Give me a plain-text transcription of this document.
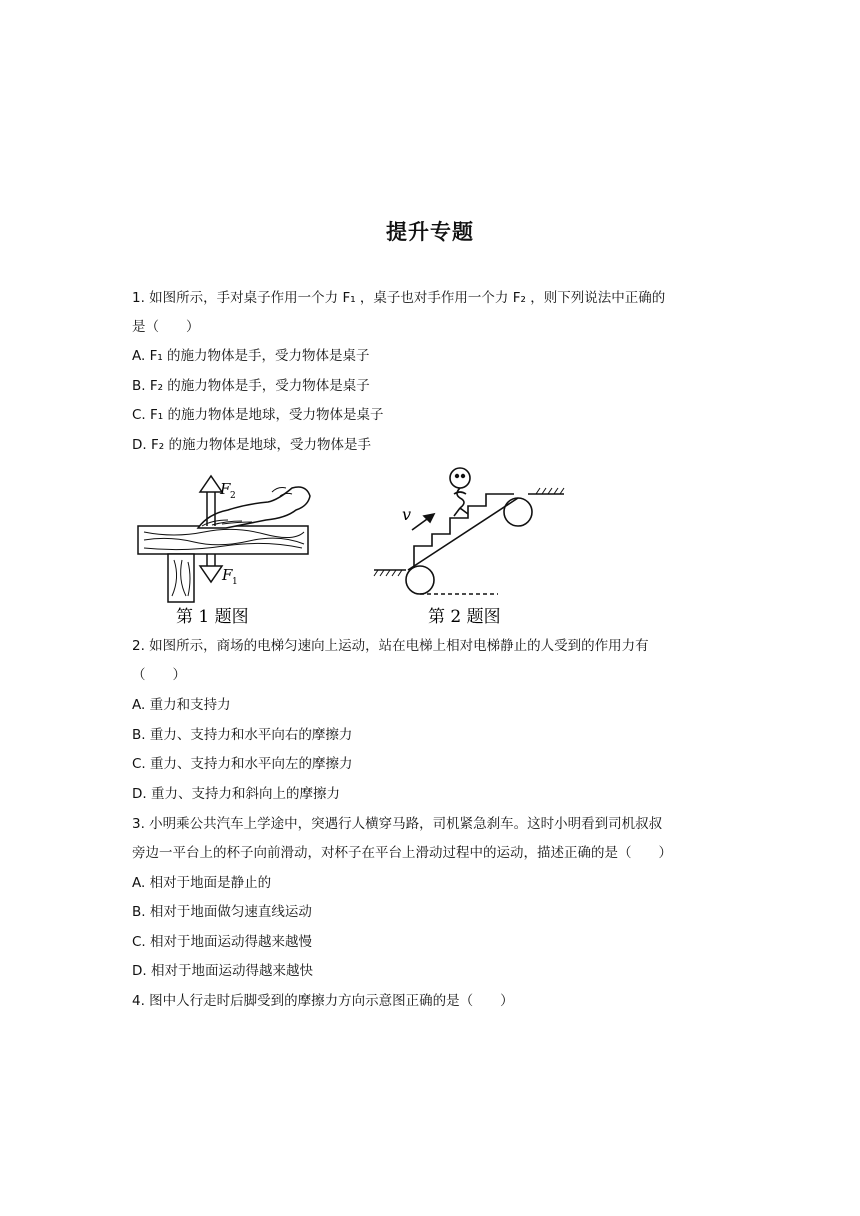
提升专题
1. 如图所示，手对桌子作用一个力 F₁ ，桌子也对手作用一个力 F₂ ，则下列说法中正确的
是（　　）
A. F₁ 的施力物体是手，受力物体是桌子
B. F₂ 的施力物体是手，受力物体是桌子
C. F₁ 的施力物体是地球，受力物体是桌子
D. F₂ 的施力物体是地球，受力物体是手
F 2
F 1
第 1 题图
v
第 2 题图
2. 如图所示，商场的电梯匀速向上运动，站在电梯上相对电梯静止的人受到的作用力有
（　　）
A. 重力和支持力
B. 重力、支持力和水平向右的摩擦力
C. 重力、支持力和水平向左的摩擦力
D. 重力、支持力和斜向上的摩擦力
3. 小明乘公共汽车上学途中，突遇行人横穿马路，司机紧急刹车。这时小明看到司机叔叔
旁边一平台上的杯子向前滑动，对杯子在平台上滑动过程中的运动，描述正确的是（　　）
A. 相对于地面是静止的
B. 相对于地面做匀速直线运动
C. 相对于地面运动得越来越慢
D. 相对于地面运动得越来越快
4. 图中人行走时后脚受到的摩擦力方向示意图正确的是（　　）
